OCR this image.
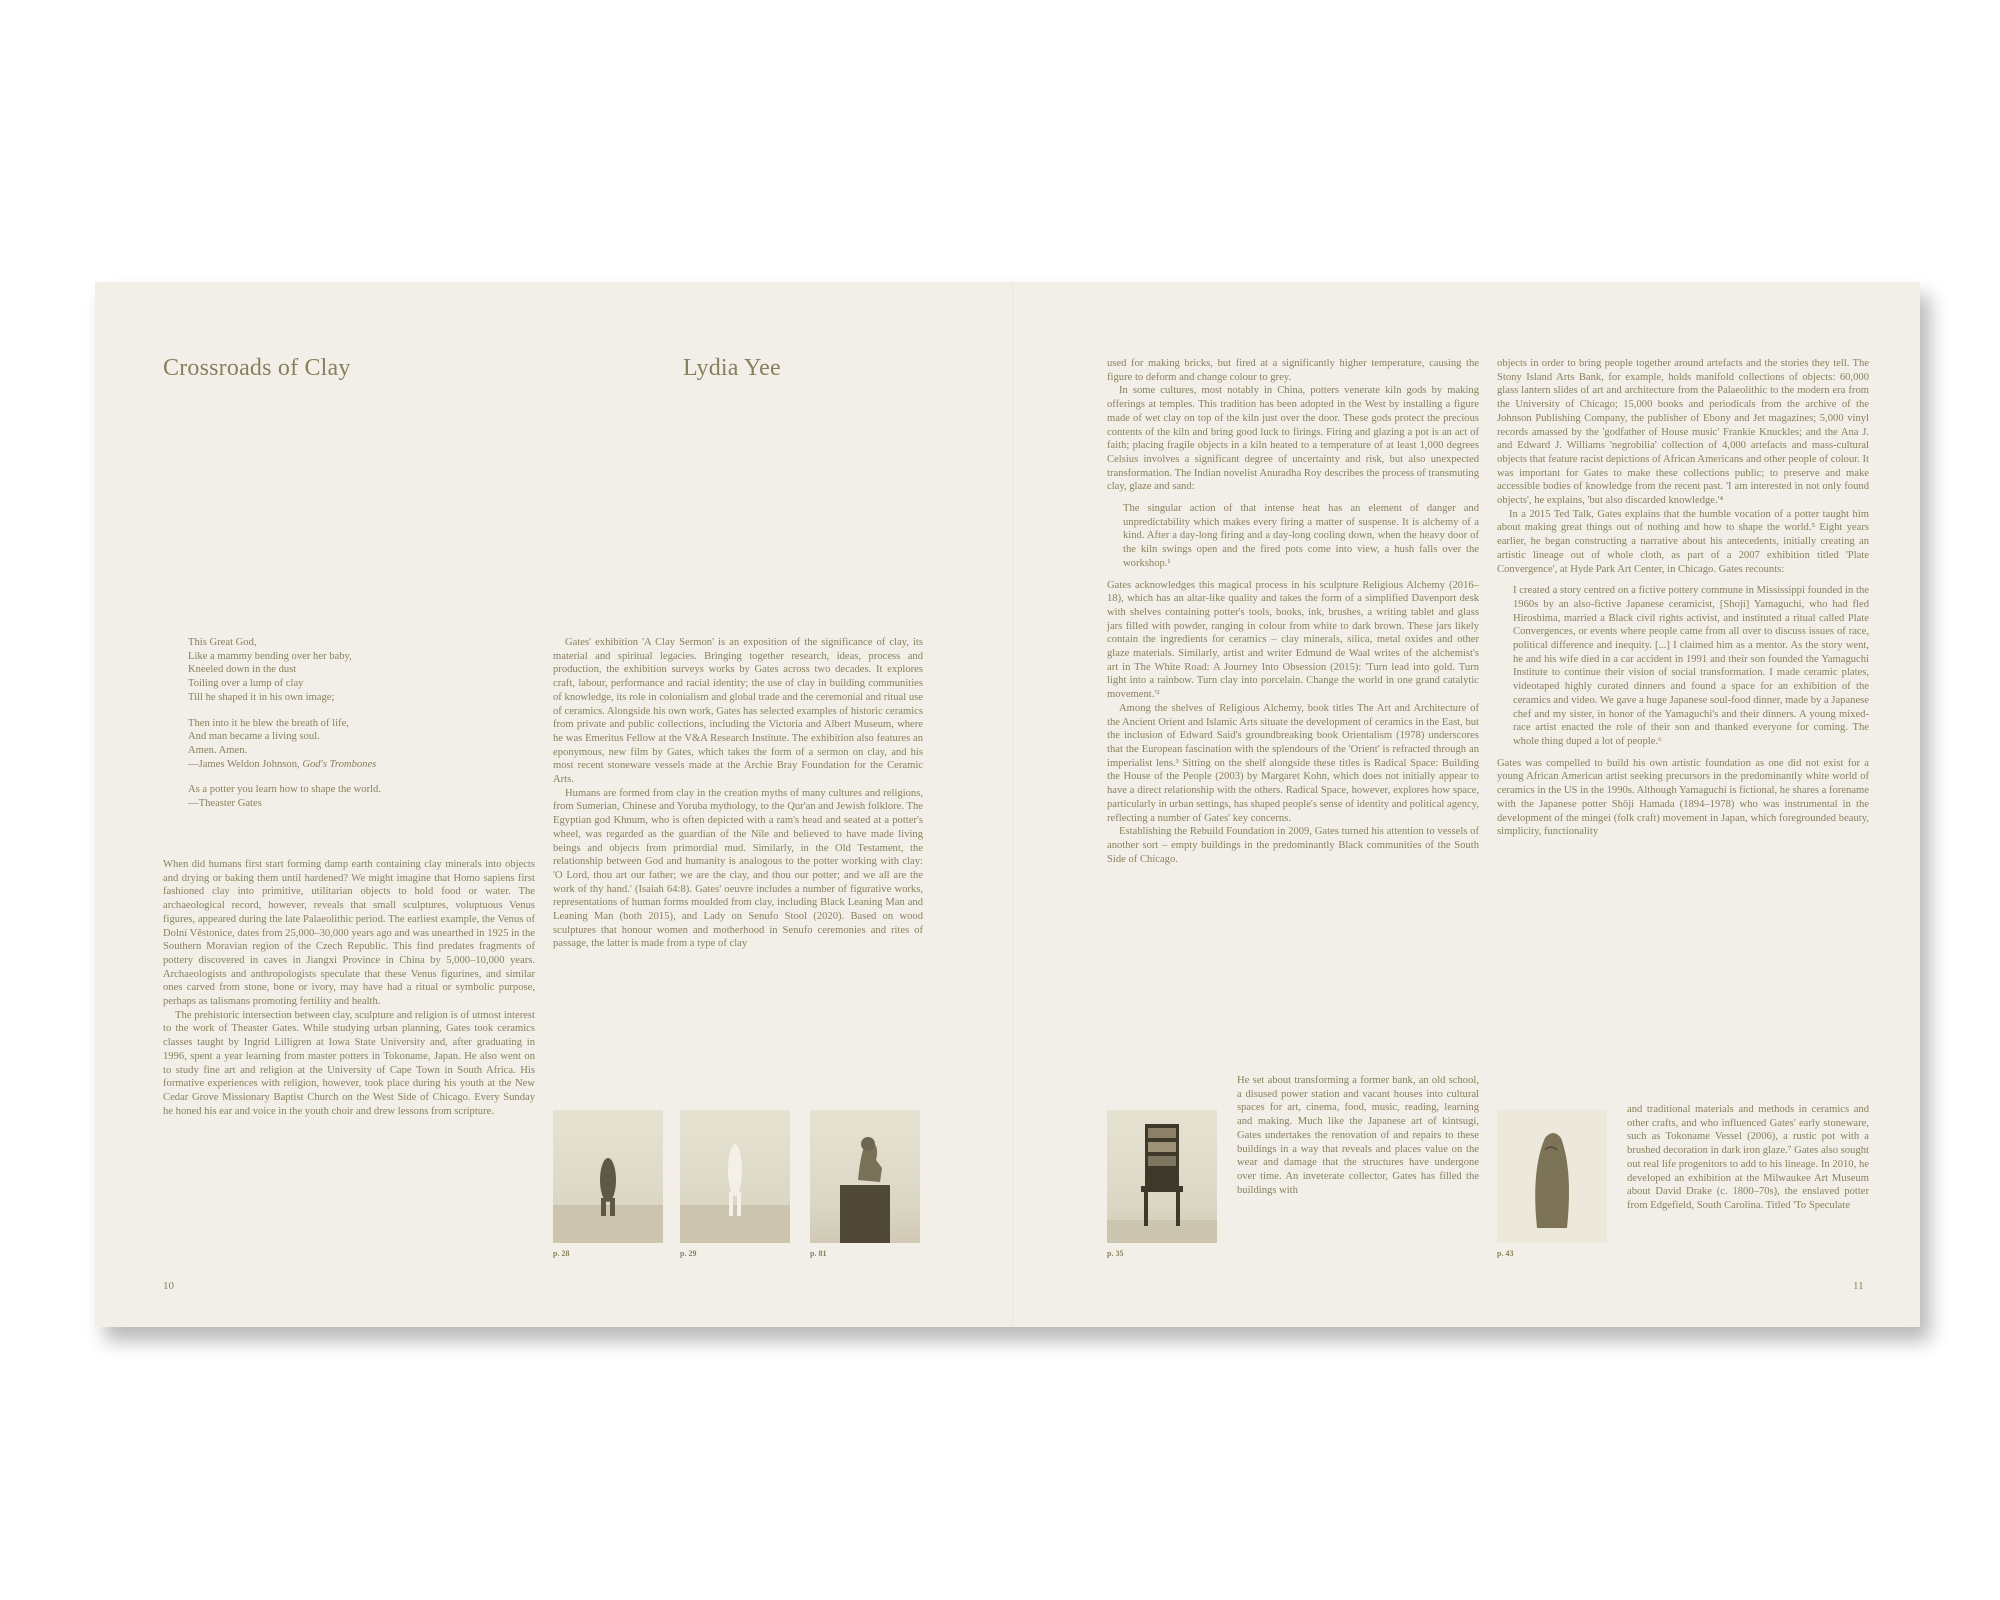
Crossroads of Clay	Lydia Yee
This Great God,
Like a mammy bending over her baby,
Kneeled down in the dust
Toiling over a lump of clay
Till he shaped it in his own image;
Then into it he blew the breath of life,
And man became a living soul.
Amen. Amen.
—James Weldon Johnson, God's Trombones
As a potter you learn how to shape the world.
—Theaster Gates

When did humans first start forming damp earth containing clay minerals into objects and drying or baking them until hardened? We might imagine that Homo sapiens first fashioned clay into primitive, utilitarian objects to hold food or water. The archaeological record, however, reveals that small sculptures, voluptuous Venus figures, appeared during the late Palaeolithic period. The earliest example, the Venus of Dolní Věstonice, dates from 25,000–30,000 years ago and was unearthed in 1925 in the Southern Moravian region of the Czech Republic. This find predates fragments of pottery discovered in caves in Jiangxi Province in China by 5,000–10,000 years. Archaeologists and anthropologists speculate that these Venus figurines, and similar ones carved from stone, bone or ivory, may have had a ritual or symbolic purpose, perhaps as talismans promoting fertility and health.

The prehistoric intersection between clay, sculpture and religion is of utmost interest to the work of Theaster Gates. While studying urban planning, Gates took ceramics classes taught by Ingrid Lilligren at Iowa State University and, after graduating in 1996, spent a year learning from master potters in Tokoname, Japan. He also went on to study fine art and religion at the University of Cape Town in South Africa. His formative experiences with religion, however, took place during his youth at the New Cedar Grove Missionary Baptist Church on the West Side of Chicago. Every Sunday he honed his ear and voice in the youth choir and drew lessons from scripture.

Gates' exhibition 'A Clay Sermon' is an exposition of the significance of clay, its material and spiritual legacies. Bringing together research, ideas, process and production, the exhibition surveys works by Gates across two decades. It explores craft, labour, performance and racial identity; the use of clay in building communities of knowledge, its role in colonialism and global trade and the ceremonial and ritual use of ceramics. Alongside his own work, Gates has selected examples of historic ceramics from private and public collections, including the Victoria and Albert Museum, where he was Emeritus Fellow at the V&A Research Institute. The exhibition also features an eponymous, new film by Gates, which takes the form of a sermon on clay, and his most recent stoneware vessels made at the Archie Bray Foundation for the Ceramic Arts.

Humans are formed from clay in the creation myths of many cultures and religions, from Sumerian, Chinese and Yoruba mythology, to the Qur'an and Jewish folklore. The Egyptian god Khnum, who is often depicted with a ram's head and seated at a potter's wheel, was regarded as the guardian of the Nile and believed to have made living beings and objects from primordial mud. Similarly, in the Old Testament, the relationship between God and humanity is analogous to the potter working with clay: 'O Lord, thou art our father; we are the clay, and thou our potter; and we all are the work of thy hand.' (Isaiah 64:8). Gates' oeuvre includes a number of figurative works, representations of human forms moulded from clay, including Black Leaning Man and Leaning Man (both 2015), and Lady on Senufo Stool (2020). Based on wood sculptures that honour women and motherhood in Senufo ceremonies and rites of passage, the latter is made from a type of clay

p. 28	p. 29	p. 81
10

used for making bricks, but fired at a significantly higher temperature, causing the figure to deform and change colour to grey.

In some cultures, most notably in China, potters venerate kiln gods by making offerings at temples. This tradition has been adopted in the West by installing a figure made of wet clay on top of the kiln just over the door. These gods protect the precious contents of the kiln and bring good luck to firings. Firing and glazing a pot is an act of faith; placing fragile objects in a kiln heated to a temperature of at least 1,000 degrees Celsius involves a significant degree of uncertainty and risk, but also unexpected transformation. The Indian novelist Anuradha Roy describes the process of transmuting clay, glaze and sand:

The singular action of that intense heat has an element of danger and unpredictability which makes every firing a matter of suspense. It is alchemy of a kind. After a day-long firing and a day-long cooling down, when the heavy door of the kiln swings open and the fired pots come into view, a hush falls over the workshop.¹

Gates acknowledges this magical process in his sculpture Religious Alchemy (2016–18), which has an altar-like quality and takes the form of a simplified Davenport desk with shelves containing potter's tools, books, ink, brushes, a writing tablet and glass jars filled with powder, ranging in colour from white to dark brown. These jars likely contain the ingredients for ceramics – clay minerals, silica, metal oxides and other glaze materials. Similarly, artist and writer Edmund de Waal writes of the alchemist's art in The White Road: A Journey Into Obsession (2015): 'Turn lead into gold. Turn light into a rainbow. Turn clay into porcelain. Change the world in one grand catalytic movement.'²

Among the shelves of Religious Alchemy, book titles The Art and Architecture of the Ancient Orient and Islamic Arts situate the development of ceramics in the East, but the inclusion of Edward Said's groundbreaking book Orientalism (1978) underscores that the European fascination with the splendours of the 'Orient' is refracted through an imperialist lens.³ Sitting on the shelf alongside these titles is Radical Space: Building the House of the People (2003) by Margaret Kohn, which does not initially appear to have a direct relationship with the others. Radical Space, however, explores how space, particularly in urban settings, has shaped people's sense of identity and political agency, reflecting a number of Gates' key concerns.

Establishing the Rebuild Foundation in 2009, Gates turned his attention to vessels of another sort – empty buildings in the predominantly Black communities of the South Side of Chicago.

He set about transforming a former bank, an old school, a disused power station and vacant houses into cultural spaces for art, cinema, food, music, reading, learning and making. Much like the Japanese art of kintsugi, Gates undertakes the renovation of and repairs to these buildings in a way that reveals and places value on the wear and damage that the structures have undergone over time. An inveterate collector, Gates has filled the buildings with

p. 35

objects in order to bring people together around artefacts and the stories they tell. The Stony Island Arts Bank, for example, holds manifold collections of objects: 60,000 glass lantern slides of art and architecture from the Palaeolithic to the modern era from the University of Chicago; 15,000 books and periodicals from the archive of the Johnson Publishing Company, the publisher of Ebony and Jet magazines; 5,000 vinyl records amassed by the 'godfather of House music' Frankie Knuckles; and the Ana J. and Edward J. Williams 'negrobilia' collection of 4,000 artefacts and mass-cultural objects that feature racist depictions of African Americans and other people of colour. It was important for Gates to make these collections public; to preserve and make accessible bodies of knowledge from the recent past. 'I am interested in not only found objects', he explains, 'but also discarded knowledge.'⁴

In a 2015 Ted Talk, Gates explains that the humble vocation of a potter taught him about making great things out of nothing and how to shape the world.⁵ Eight years earlier, he began constructing a narrative about his antecedents, initially creating an artistic lineage out of whole cloth, as part of a 2007 exhibition titled 'Plate Convergence', at Hyde Park Art Center, in Chicago. Gates recounts:

I created a story centred on a fictive pottery commune in Mississippi founded in the 1960s by an also-fictive Japanese ceramicist, [Shoji] Yamaguchi, who had fled Hiroshima, married a Black civil rights activist, and instituted a ritual called Plate Convergences, or events where people came from all over to discuss issues of race, political difference and inequity. [...] I claimed him as a mentor. As the story went, he and his wife died in a car accident in 1991 and their son founded the Yamaguchi Institute to continue their vision of social transformation. I made ceramic plates, videotaped highly curated dinners and found a space for an exhibition of the ceramics and video. We gave a huge Japanese soul-food dinner, made by a Japanese chef and my sister, in honor of the Yamaguchi's and their dinners. A young mixed-race artist enacted the role of their son and thanked everyone for coming. The whole thing duped a lot of people.⁶

Gates was compelled to build his own artistic foundation as one did not exist for a young African American artist seeking precursors in the predominantly white world of ceramics in the US in the 1990s. Although Yamaguchi is fictional, he shares a forename with the Japanese potter Shōji Hamada (1894–1978) who was instrumental in the development of the mingei (folk craft) movement in Japan, which foregrounded beauty, simplicity, functionality

and traditional materials and methods in ceramics and other crafts, and who influenced Gates' early stoneware, such as Tokoname Vessel (2006), a rustic pot with a brushed decoration in dark iron glaze.⁷ Gates also sought out real life progenitors to add to his lineage. In 2010, he developed an exhibition at the Milwaukee Art Museum about David Drake (c. 1800–70s), the enslaved potter from Edgefield, South Carolina. Titled 'To Speculate

p. 43
11
